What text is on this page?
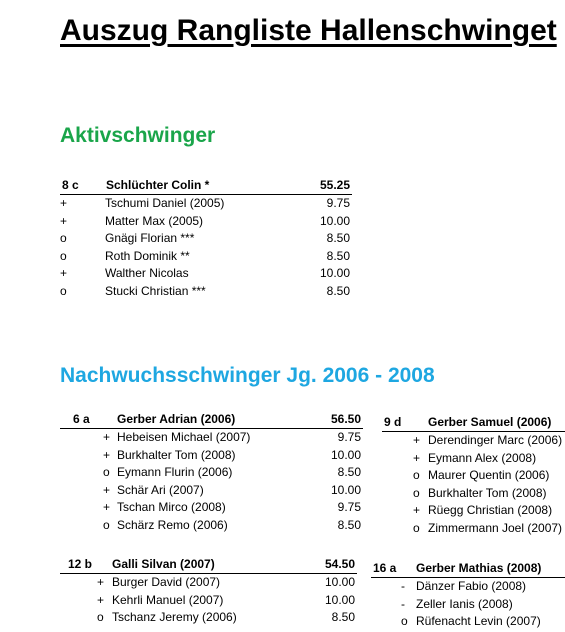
Auszug Rangliste Hallenschwinget
Aktivschwinger
Nachwuchsschwinger Jg. 2006 - 2008
8 c Schlüchter Colin *	55.25
+	Tschumi Daniel (2005)	9.75
+	Matter Max (2005)	10.00
o	Gnägi Florian ***	8.50
o	Roth Dominik **	8.50
+	Walther Nicolas	10.00
o	Stucki Christian ***	8.50
6 a Gerber Adrian (2006)	56.50
+ Hebeisen Michael (2007)	9.75
+ Burkhalter Tom (2008)	10.00
o Eymann Flurin (2006)	8.50
+ Schär Ari (2007)	10.00
+ Tschan Mirco (2008)	9.75
o Schärz Remo (2006)	8.50
9 d Gerber Samuel (2006)
+ Derendinger Marc (2006)
+ Eymann Alex (2008)
o Maurer Quentin (2006)
o Burkhalter Tom (2008)
+ Rüegg Christian (2008)
o Zimmermann Joel (2007)
12 b Galli Silvan (2007)	54.50
+ Burger David (2007)	10.00
+ Kehrli Manuel (2007)	10.00
o Tschanz Jeremy (2006)	8.50
16 a Gerber Mathias (2008)
- Dänzer Fabio (2008)
- Zeller Ianis (2008)
o Rüfenacht Levin (2007)
